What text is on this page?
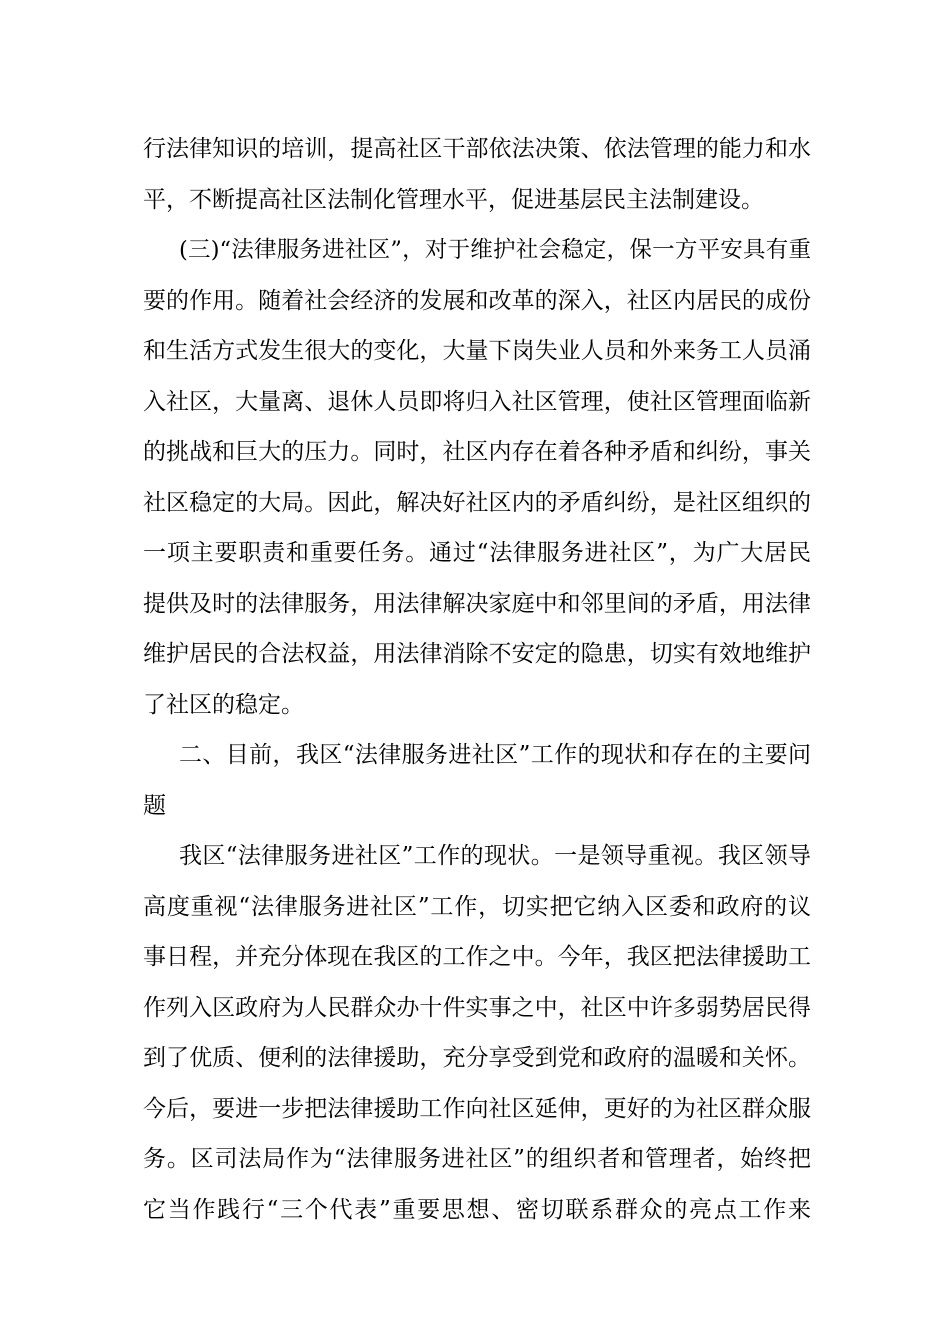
行法律知识的培训，提高社区干部依法决策、依法管理的能力和水
平，不断提高社区法制化管理水平，促进基层民主法制建设。
(三)“法律服务进社区”，对于维护社会稳定，保一方平安具有重
要的作用。随着社会经济的发展和改革的深入，社区内居民的成份
和生活方式发生很大的变化，大量下岗失业人员和外来务工人员涌
入社区，大量离、退休人员即将归入社区管理，使社区管理面临新
的挑战和巨大的压力。同时，社区内存在着各种矛盾和纠纷，事关
社区稳定的大局。因此，解决好社区内的矛盾纠纷，是社区组织的
一项主要职责和重要任务。通过“法律服务进社区”，为广大居民
提供及时的法律服务，用法律解决家庭中和邻里间的矛盾，用法律
维护居民的合法权益，用法律消除不安定的隐患，切实有效地维护
了社区的稳定。
二、目前，我区“法律服务进社区”工作的现状和存在的主要问
题
我区“法律服务进社区”工作的现状。一是领导重视。我区领导
高度重视“法律服务进社区”工作，切实把它纳入区委和政府的议
事日程，并充分体现在我区的工作之中。今年，我区把法律援助工
作列入区政府为人民群众办十件实事之中，社区中许多弱势居民得
到了优质、便利的法律援助，充分享受到党和政府的温暖和关怀。
今后，要进一步把法律援助工作向社区延伸，更好的为社区群众服
务。区司法局作为“法律服务进社区”的组织者和管理者，始终把
它当作践行“三个代表”重要思想、密切联系群众的亮点工作来
